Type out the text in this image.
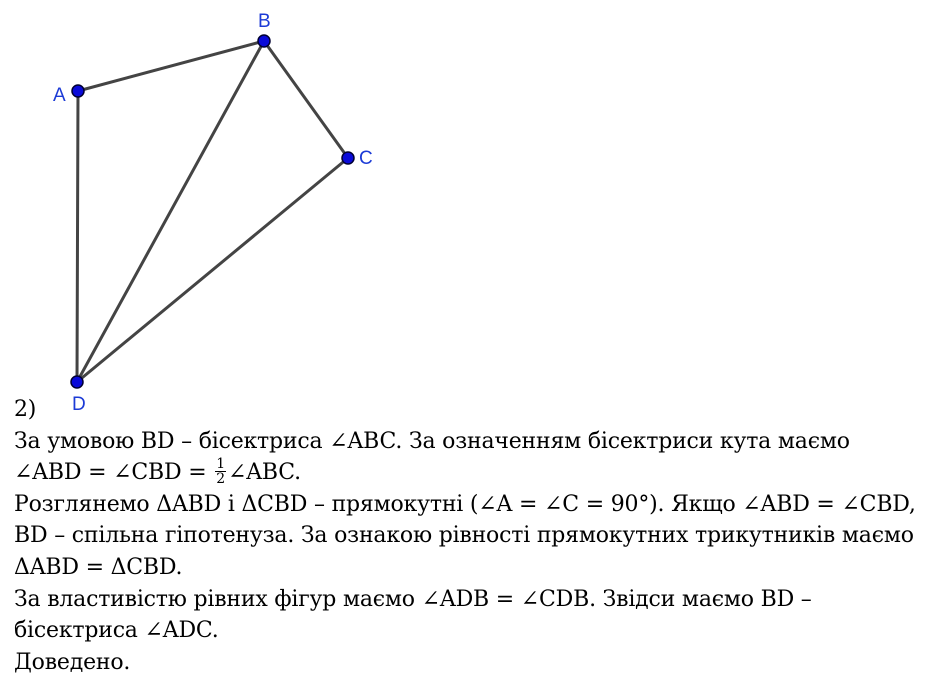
A
B
C
D
2)
За умовою BD – бісектриса ∠ABC. За означенням бісектриси кута маємо
∠ABD = ∠CBD = $\frac{1}{2}$ ∠ABC.
Розглянемо ΔABD і ΔCBD – прямокутні (∠A = ∠C = 90°). Якщо ∠ABD = ∠CBD,
BD – спільна гіпотенуза. За ознакою рівності прямокутних трикутників маємо
ΔABD = ΔCBD.
За властивістю рівних фігур маємо ∠ADB = ∠CDB. Звідси маємо BD –
бісектриса ∠ADC.
Доведено.
